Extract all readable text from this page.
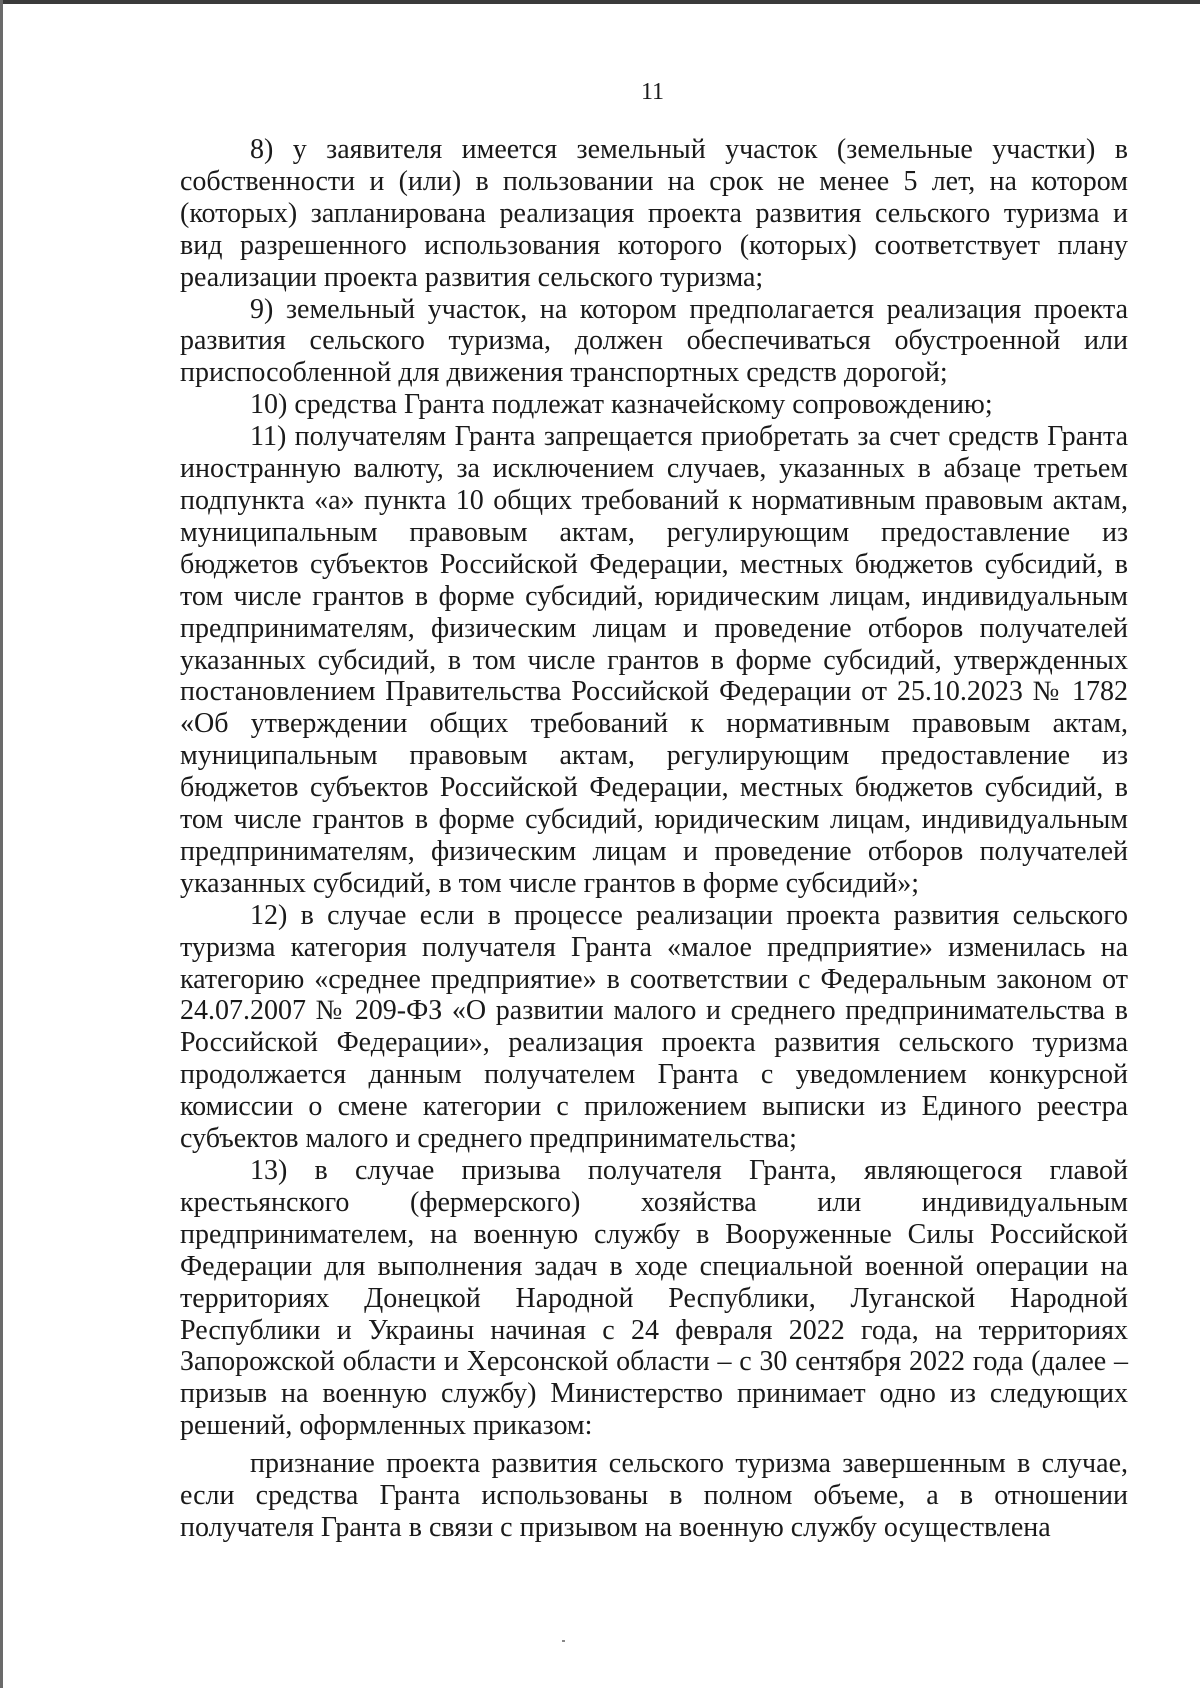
11

8) у заявителя имеется земельный участок (земельные участки) в собственности и (или) в пользовании на срок не менее 5 лет, на котором (которых) запланирована реализация проекта развития сельского туризма и вид разрешенного использования которого (которых) соответствует плану реализации проекта развития сельского туризма;

9) земельный участок, на котором предполагается реализация проекта развития сельского туризма, должен обеспечиваться обустроенной или приспособленной для движения транспортных средств дорогой;

10) средства Гранта подлежат казначейскому сопровождению;

11) получателям Гранта запрещается приобретать за счет средств Гранта иностранную валюту, за исключением случаев, указанных в абзаце третьем подпункта «а» пункта 10 общих требований к нормативным правовым актам, муниципальным правовым актам, регулирующим предоставление из бюджетов субъектов Российской Федерации, местных бюджетов субсидий, в том числе грантов в форме субсидий, юридическим лицам, индивидуальным предпринимателям, физическим лицам и проведение отборов получателей указанных субсидий, в том числе грантов в форме субсидий, утвержденных постановлением Правительства Российской Федерации от 25.10.2023 № 1782 «Об утверждении общих требований к нормативным правовым актам, муниципальным правовым актам, регулирующим предоставление из бюджетов субъектов Российской Федерации, местных бюджетов субсидий, в том числе грантов в форме субсидий, юридическим лицам, индивидуальным предпринимателям, физическим лицам и проведение отборов получателей указанных субсидий, в том числе грантов в форме субсидий»;

12) в случае если в процессе реализации проекта развития сельского туризма категория получателя Гранта «малое предприятие» изменилась на категорию «среднее предприятие» в соответствии с Федеральным законом от 24.07.2007 № 209-ФЗ «О развитии малого и среднего предпринимательства в Российской Федерации», реализация проекта развития сельского туризма продолжается данным получателем Гранта с уведомлением конкурсной комиссии о смене категории с приложением выписки из Единого реестра субъектов малого и среднего предпринимательства;

13) в случае призыва получателя Гранта, являющегося главой крестьянского (фермерского) хозяйства или индивидуальным предпринимателем, на военную службу в Вооруженные Силы Российской Федерации для выполнения задач в ходе специальной военной операции на территориях Донецкой Народной Республики, Луганской Народной Республики и Украины начиная с 24 февраля 2022 года, на территориях Запорожской области и Херсонской области – с 30 сентября 2022 года (далее – призыв на военную службу) Министерство принимает одно из следующих решений, оформленных приказом:

признание проекта развития сельского туризма завершенным в случае, если средства Гранта использованы в полном объеме, а в отношении получателя Гранта в связи с призывом на военную службу осуществлена
